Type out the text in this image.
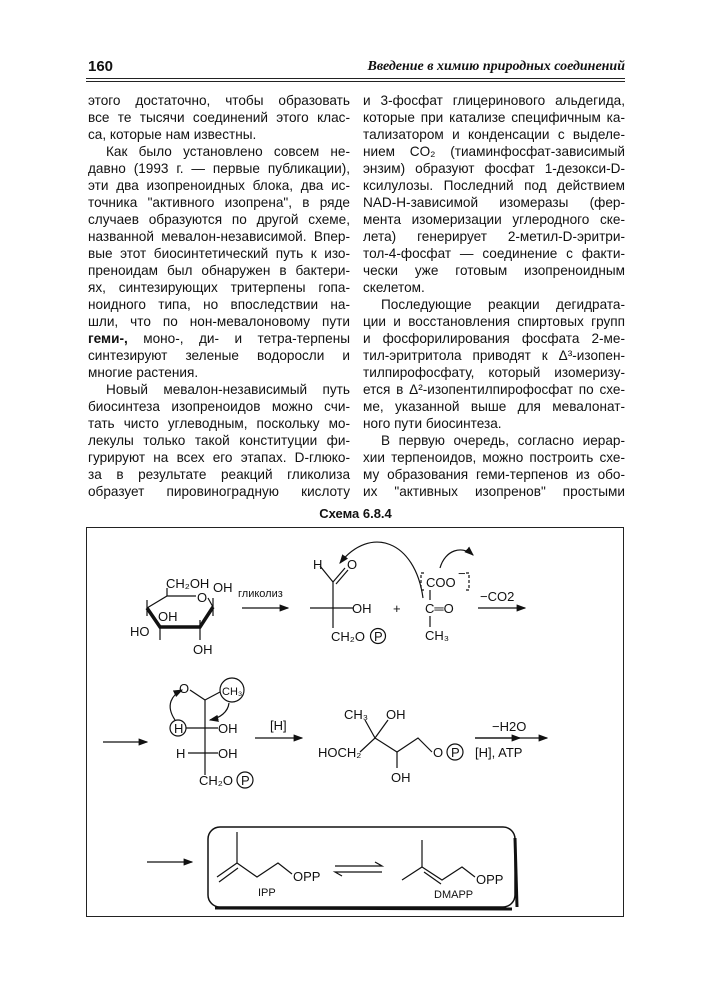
160	Введение в химию природных соединений
этого достаточно, чтобы образовать
все те тысячи соединений этого клас-
са, которые нам известны.
Как было установлено совсем не-
давно (1993 г. — первые публикации),
эти два изопреноидных блока, два ис-
точника "активного изопрена", в ряде
случаев образуются по другой схеме,
названной мевалон-независимой. Впер-
вые этот биосинтетический путь к изо-
преноидам был обнаружен в бактери-
ях, синтезирующих тритерпены гопа-
ноидного типа, но впоследствии на-
шли, что по нон-мевалоновому пути
геми-, моно-, ди- и тетра-терпены
синтезируют зеленые водоросли и
многие растения.
Новый мевалон-независимый путь
биосинтеза изопреноидов можно счи-
тать чисто углеводным, поскольку мо-
лекулы только такой конституции фи-
гурируют на всех его этапах. D-глюко-
за в результате реакций гликолиза
образует пировиноградную кислоту
и 3-фосфат глицеринового альдегида,
которые при катализе специфичным ка-
тализатором и конденсации с выделе-
нием CO₂ (тиаминфосфат-зависимый
энзим) образуют фосфат 1-дезокси-D-
ксилулозы. Последний под действием
NAD-H-зависимой изомеразы (фер-
мента изомеризации углеродного ске-
лета) генерирует 2-метил-D-эритри-
тол-4-фосфат — соединение с факти-
чески уже готовым изопреноидным
скелетом.
Последующие реакции дегидрата-
ции и восстановления спиртовых групп
и фосфорилирования фосфата 2-ме-
тил-эритритола приводят к Δ³-изопен-
тилпирофосфату, который изомеризу-
ется в Δ²-изопентилпирофосфат по схе-
ме, указанной выше для мевалонат-
ного пути биосинтеза.
В первую очередь, согласно иерар-
хии терпеноидов, можно построить схе-
му образования геми-терпенов из обо-
их "активных изопренов" простыми
Схема 6.8.4
CH₂OH OH
O
OH
HO
OH
гликолиз
H O
OH
CH₂O P
+
COO
−
C═O
CH₃
−CO2
O	CH₃
H	OH
H	OH
CH₂O P
[H]
CH₃ OH
HOCH₂	O P
OH
−H2O
[H], ATP
OPP
IPP
OPP
DMAPP
